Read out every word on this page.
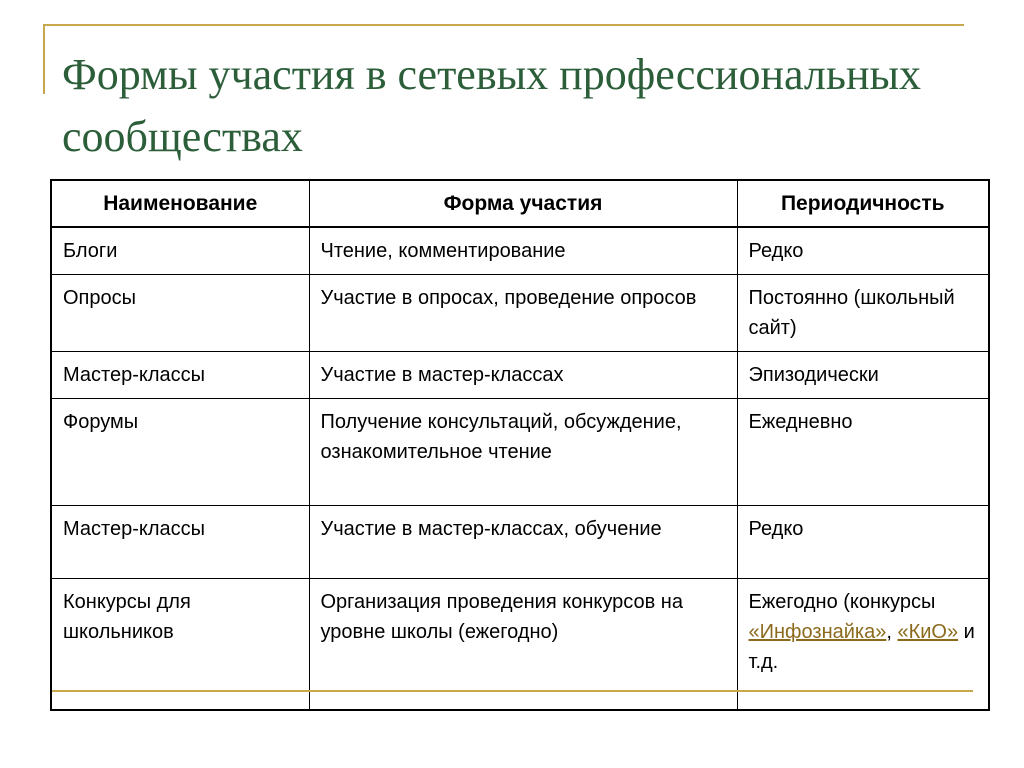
Формы участия в сетевых профессиональных сообществах
Наименование	Форма участия	Периодичность
Блоги	Чтение, комментирование	Редко
Опросы	Участие в опросах, проведение опросов	Постоянно (школьный сайт)
Мастер-классы	Участие в мастер-классах	Эпизодически
Форумы	Получение консультаций, обсуждение, ознакомительное чтение	Ежедневно
Мастер-классы	Участие в мастер-классах, обучение	Редко
Конкурсы для школьников	Организация проведения конкурсов на уровне школы (ежегодно)	Ежегодно (конкурсы «Инфознайка», «КиО» и т.д.
